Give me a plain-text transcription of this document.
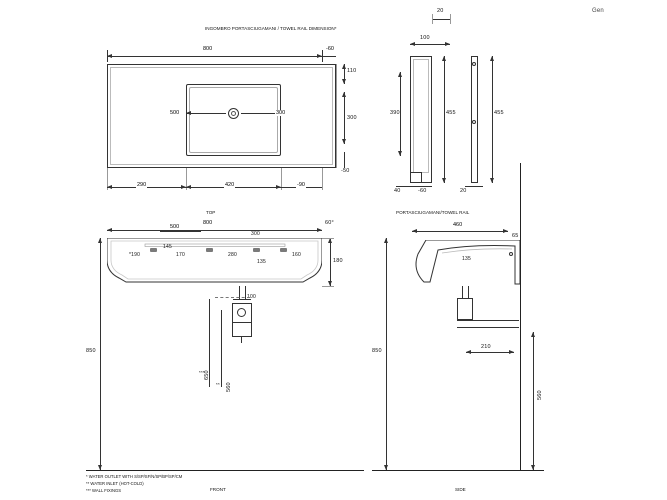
Gen
INGOMBRO PORTASCIUGAMANI / TOWEL RAIL DIMENSION*
800	-60
500	300
110
300
-50
290	420	-90
20
100
390	455	455
40	-60	20
TOP
800
500
60°
*190
145
170	280
300
135
160
180
100
650
560
***
**
850
FRONT
PORTASCIUGAMANI/TOWEL RAIL
460
65
135
210
850
560
SIDE
* WATER OUTLET WITH S/SP/SF/N/SP/BP/SP/CM
** WATER INLET (HOT-COLD)
*** WALL FIXINGS
